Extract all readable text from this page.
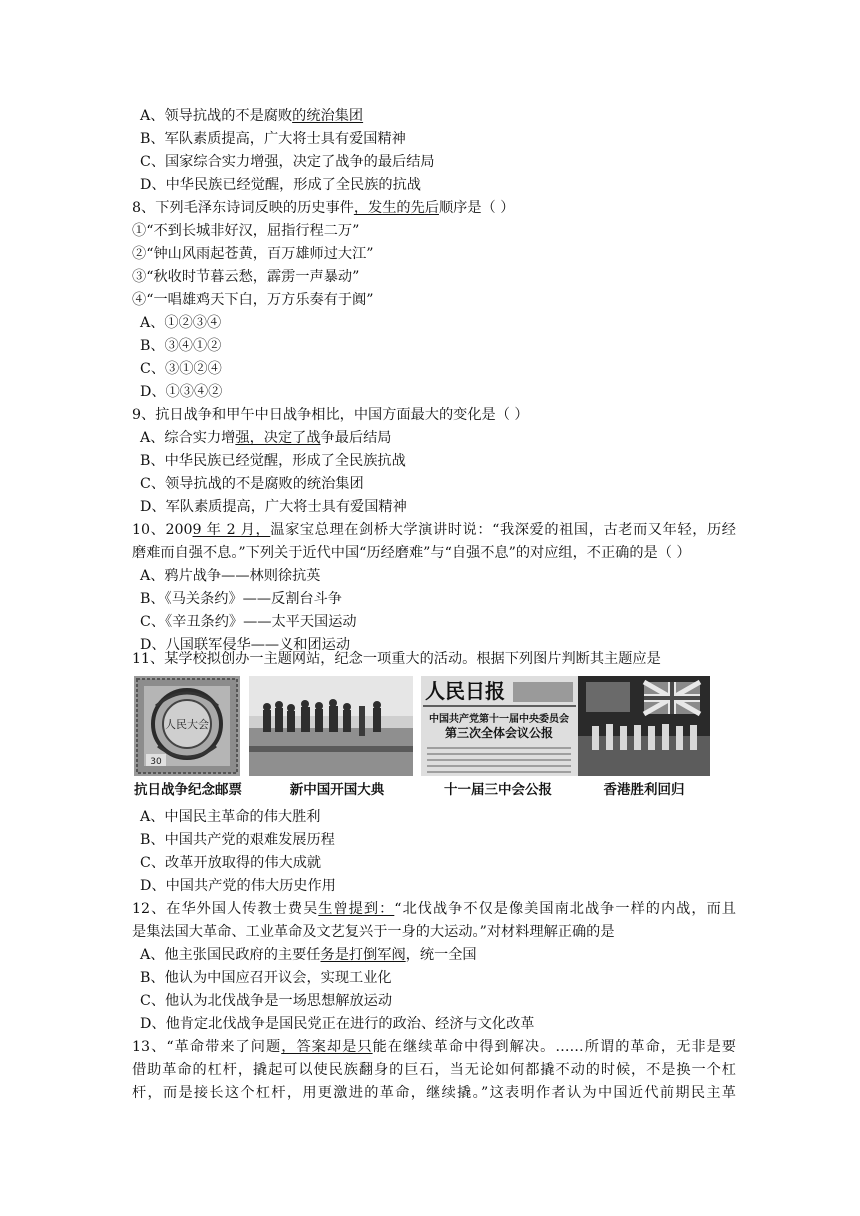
A、领导抗战的不是腐败的统治集团
B、军队素质提高，广大将士具有爱国精神
C、国家综合实力增强，决定了战争的最后结局
D、中华民族已经觉醒，形成了全民族的抗战
8、下列毛泽东诗词反映的历史事件，发生的先后顺序是（ ）
①“不到长城非好汉，屈指行程二万”
②“钟山风雨起苍黄，百万雄师过大江”
③“秋收时节暮云愁，霹雳一声暴动”
④“一唱雄鸡天下白，万方乐奏有于阗”
A、①②③④
B、③④①②
C、③①②④
D、①③④②
9、抗日战争和甲午中日战争相比，中国方面最大的变化是（ ）
A、综合实力增强，决定了战争最后结局
B、中华民族已经觉醒，形成了全民族抗战
C、领导抗战的不是腐败的统治集团
D、军队素质提高，广大将士具有爱国精神
10、2009 年 2 月，温家宝总理在剑桥大学演讲时说：“我深爱的祖国，古老而又年轻，历经
磨难而自强不息。”下列关于近代中国“历经磨难”与“自强不息”的对应组，不正确的是（ ）
A、鸦片战争——林则徐抗英
B、《马关条约》——反割台斗争
C、《辛丑条约》——太平天国运动
D、八国联军侵华——义和团运动
11、某学校拟创办一主题网站，纪念一项重大的活动。根据下列图片判断其主题应是
人民大会
30
人民日报
中国共产党第十一届中央委员会
第三次全体会议公报
抗日战争纪念邮票	新中国开国大典	十一届三中会公报	香港胜利回归
A、中国民主革命的伟大胜利
B、中国共产党的艰难发展历程
C、改革开放取得的伟大成就
D、中国共产党的伟大历史作用
12、在华外国人传教士费吴生曾提到：“北伐战争不仅是像美国南北战争一样的内战，而且
是集法国大革命、工业革命及文艺复兴于一身的大运动。”对材料理解正确的是
A、他主张国民政府的主要任务是打倒军阀，统一全国
B、他认为中国应召开议会，实现工业化
C、他认为北伐战争是一场思想解放运动
D、他肯定北伐战争是国民党正在进行的政治、经济与文化改革
13、“革命带来了问题，答案却是只能在继续革命中得到解决。……所谓的革命，无非是要
借助革命的杠杆，撬起可以使民族翻身的巨石，当无论如何都撬不动的时候，不是换一个杠
杆，而是接长这个杠杆，用更激进的革命，继续撬。”这表明作者认为中国近代前期民主革
